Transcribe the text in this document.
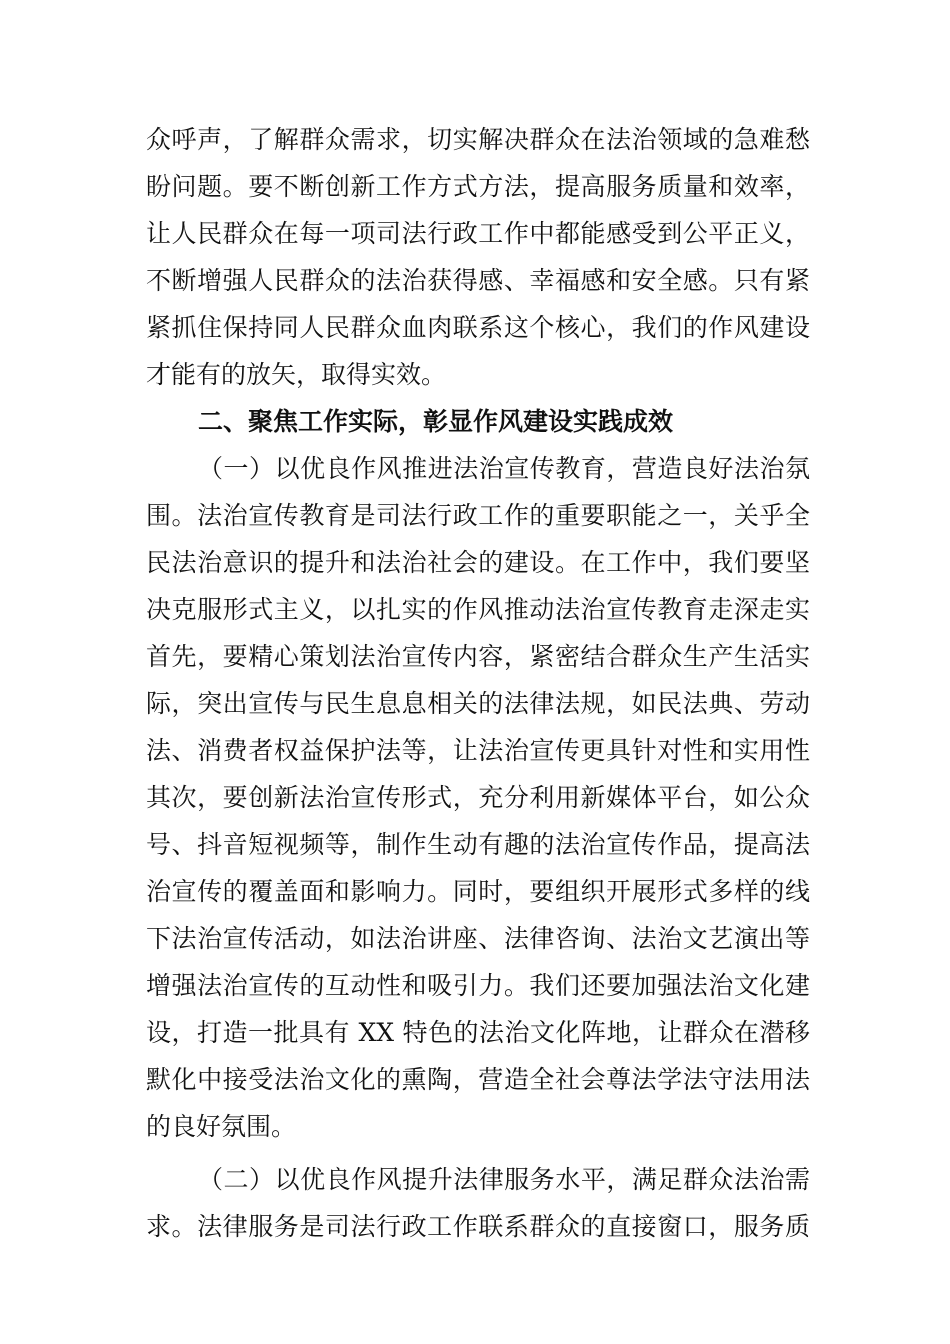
众呼声，了解群众需求，切实解决群众在法治领域的急难愁
盼问题。要不断创新工作方式方法，提高服务质量和效率，
让人民群众在每一项司法行政工作中都能感受到公平正义，
不断增强人民群众的法治获得感、幸福感和安全感。只有紧
紧抓住保持同人民群众血肉联系这个核心，我们的作风建设
才能有的放矢，取得实效。
二、聚焦工作实际，彰显作风建设实践成效
（一）以优良作风推进法治宣传教育，营造良好法治氛
围。法治宣传教育是司法行政工作的重要职能之一，关乎全
民法治意识的提升和法治社会的建设。在工作中，我们要坚
决克服形式主义，以扎实的作风推动法治宣传教育走深走实
首先，要精心策划法治宣传内容，紧密结合群众生产生活实
际，突出宣传与民生息息相关的法律法规，如民法典、劳动
法、消费者权益保护法等，让法治宣传更具针对性和实用性
其次，要创新法治宣传形式，充分利用新媒体平台，如公众
号、抖音短视频等，制作生动有趣的法治宣传作品，提高法
治宣传的覆盖面和影响力。同时，要组织开展形式多样的线
下法治宣传活动，如法治讲座、法律咨询、法治文艺演出等
增强法治宣传的互动性和吸引力。我们还要加强法治文化建
设，打造一批具有 XX 特色的法治文化阵地，让群众在潜移
默化中接受法治文化的熏陶，营造全社会尊法学法守法用法
的良好氛围。
（二）以优良作风提升法律服务水平，满足群众法治需
求。法律服务是司法行政工作联系群众的直接窗口，服务质
